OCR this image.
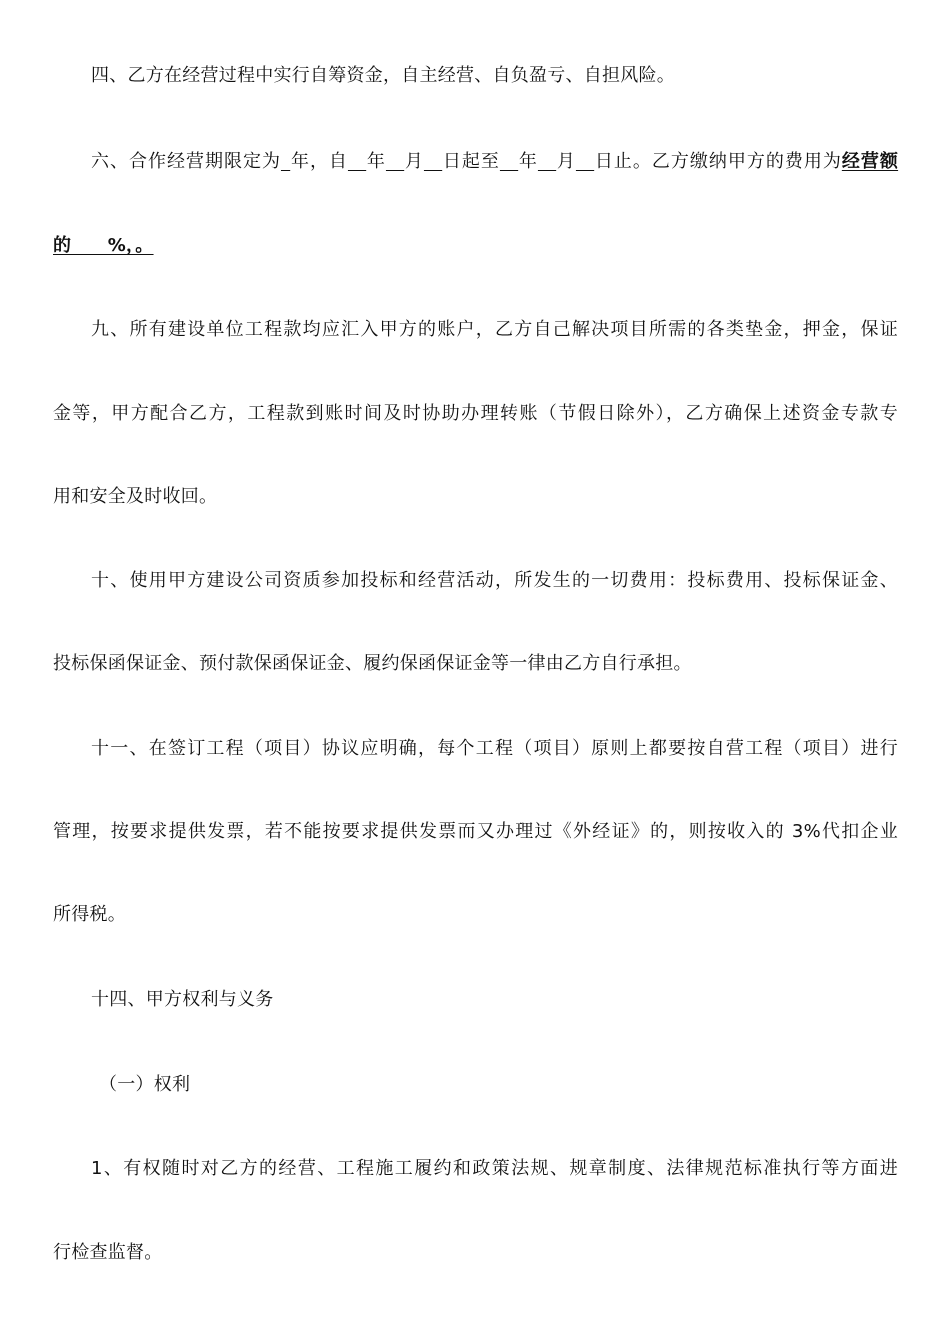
四、乙方在经营过程中实行自筹资金，自主经营、自负盈亏、自担风险。
六、合作经营期限定为  年，自  年  月  日起至  年  月  日止。乙方缴纳甲方的费用为经营额
的　　%，。
九、所有建设单位工程款均应汇入甲方的账户，乙方自己解决项目所需的各类垫金，押金，保证
金等，甲方配合乙方，工程款到账时间及时协助办理转账（节假日除外），乙方确保上述资金专款专
用和安全及时收回。
十、使用甲方建设公司资质参加投标和经营活动，所发生的一切费用：投标费用、投标保证金、
投标保函保证金、预付款保函保证金、履约保函保证金等一律由乙方自行承担。
十一、在签订工程（项目）协议应明确，每个工程（项目）原则上都要按自营工程（项目）进行
管理，按要求提供发票，若不能按要求提供发票而又办理过《外经证》的，则按收入的 3%代扣企业
所得税。
十四、甲方权利与义务
（一）权利
1、有权随时对乙方的经营、工程施工履约和政策法规、规章制度、法律规范标准执行等方面进
行检查监督。
